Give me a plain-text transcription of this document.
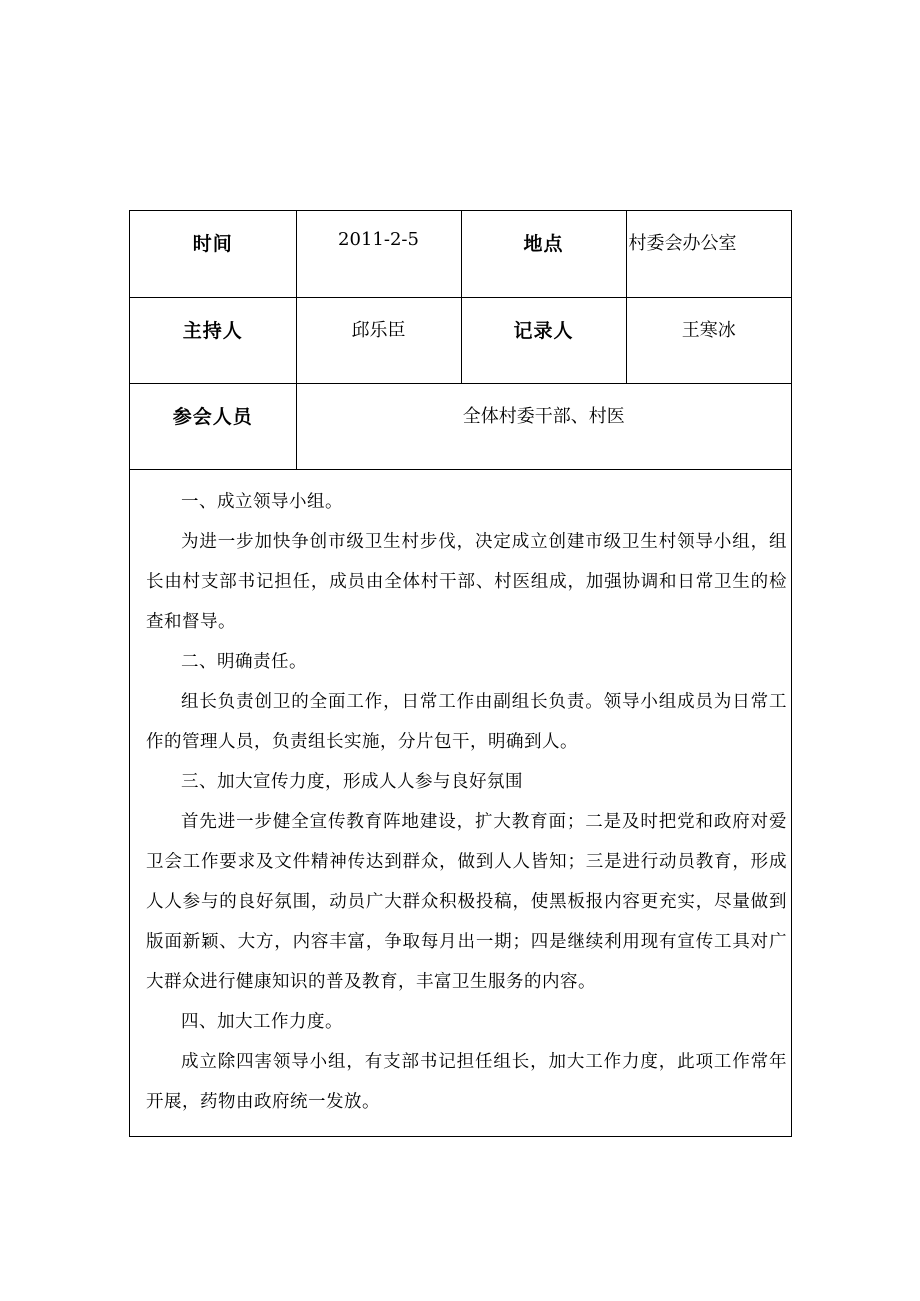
时间	2011-2-5	地点	村委会办公室
主持人	邱乐臣	记录人	王寒冰
参会人员	全体村委干部、村医		

一、成立领导小组。

为进一步加快争创市级卫生村步伐，决定成立创建市级卫生村领导小组，组长由村支部书记担任，成员由全体村干部、村医组成，加强协调和日常卫生的检查和督导。

二、明确责任。

组长负责创卫的全面工作，日常工作由副组长负责。领导小组成员为日常工作的管理人员，负责组长实施，分片包干，明确到人。

三、加大宣传力度，形成人人参与良好氛围

首先进一步健全宣传教育阵地建设，扩大教育面；二是及时把党和政府对爱卫会工作要求及文件精神传达到群众，做到人人皆知；三是进行动员教育，形成人人参与的良好氛围，动员广大群众积极投稿，使黑板报内容更充实，尽量做到版面新颖、大方，内容丰富，争取每月出一期；四是继续利用现有宣传工具对广大群众进行健康知识的普及教育，丰富卫生服务的内容。

四、加大工作力度。

成立除四害领导小组，有支部书记担任组长，加大工作力度，此项工作常年开展，药物由政府统一发放。
